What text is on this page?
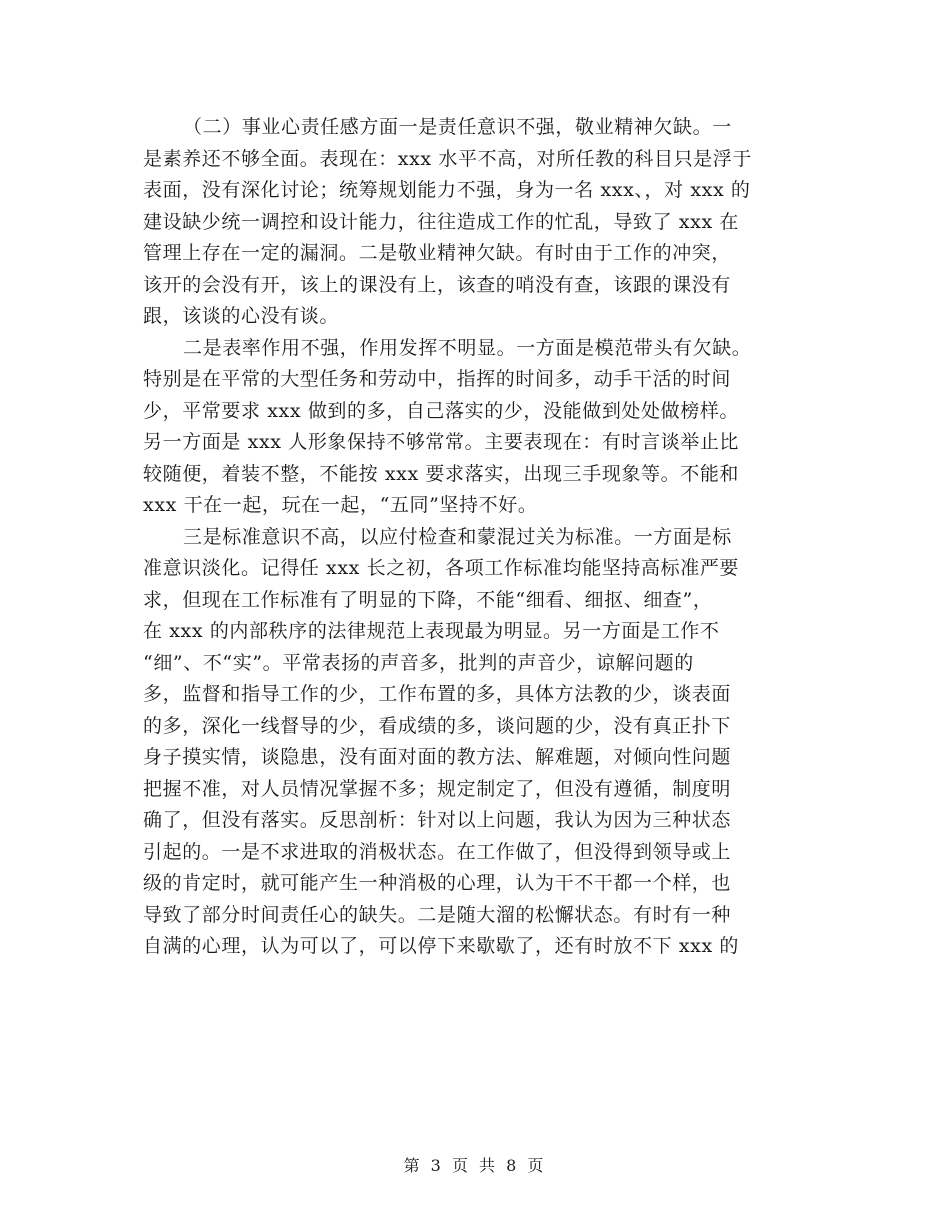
（二）事业心责任感方面一是责任意识不强，敬业精神欠缺。一
是素养还不够全面。表现在：xxx 水平不高，对所任教的科目只是浮于
表面，没有深化讨论；统筹规划能力不强，身为一名 xxx、，对 xxx 的
建设缺少统一调控和设计能力，往往造成工作的忙乱，导致了 xxx 在
管理上存在一定的漏洞。二是敬业精神欠缺。有时由于工作的冲突，
该开的会没有开，该上的课没有上，该查的哨没有查，该跟的课没有
跟，该谈的心没有谈。
二是表率作用不强，作用发挥不明显。一方面是模范带头有欠缺。
特别是在平常的大型任务和劳动中，指挥的时间多，动手干活的时间
少，平常要求 xxx 做到的多，自己落实的少，没能做到处处做榜样。
另一方面是 xxx 人形象保持不够常常。主要表现在：有时言谈举止比
较随便，着装不整，不能按 xxx 要求落实，出现三手现象等。不能和
xxx 干在一起，玩在一起，“五同”坚持不好。
三是标准意识不高，以应付检查和蒙混过关为标准。一方面是标
准意识淡化。记得任 xxx 长之初，各项工作标准均能坚持高标准严要
求，但现在工作标准有了明显的下降，不能“细看、细抠、细查”，
在 xxx 的内部秩序的法律规范上表现最为明显。另一方面是工作不
“细”、不“实”。平常表扬的声音多，批判的声音少，谅解问题的
多，监督和指导工作的少，工作布置的多，具体方法教的少，谈表面
的多，深化一线督导的少，看成绩的多，谈问题的少，没有真正扑下
身子摸实情，谈隐患，没有面对面的教方法、解难题，对倾向性问题
把握不准，对人员情况掌握不多；规定制定了，但没有遵循，制度明
确了，但没有落实。反思剖析：针对以上问题，我认为因为三种状态
引起的。一是不求进取的消极状态。在工作做了，但没得到领导或上
级的肯定时，就可能产生一种消极的心理，认为干不干都一个样，也
导致了部分时间责任心的缺失。二是随大溜的松懈状态。有时有一种
自满的心理，认为可以了，可以停下来歇歇了，还有时放不下 xxx 的
第 3 页 共 8 页
